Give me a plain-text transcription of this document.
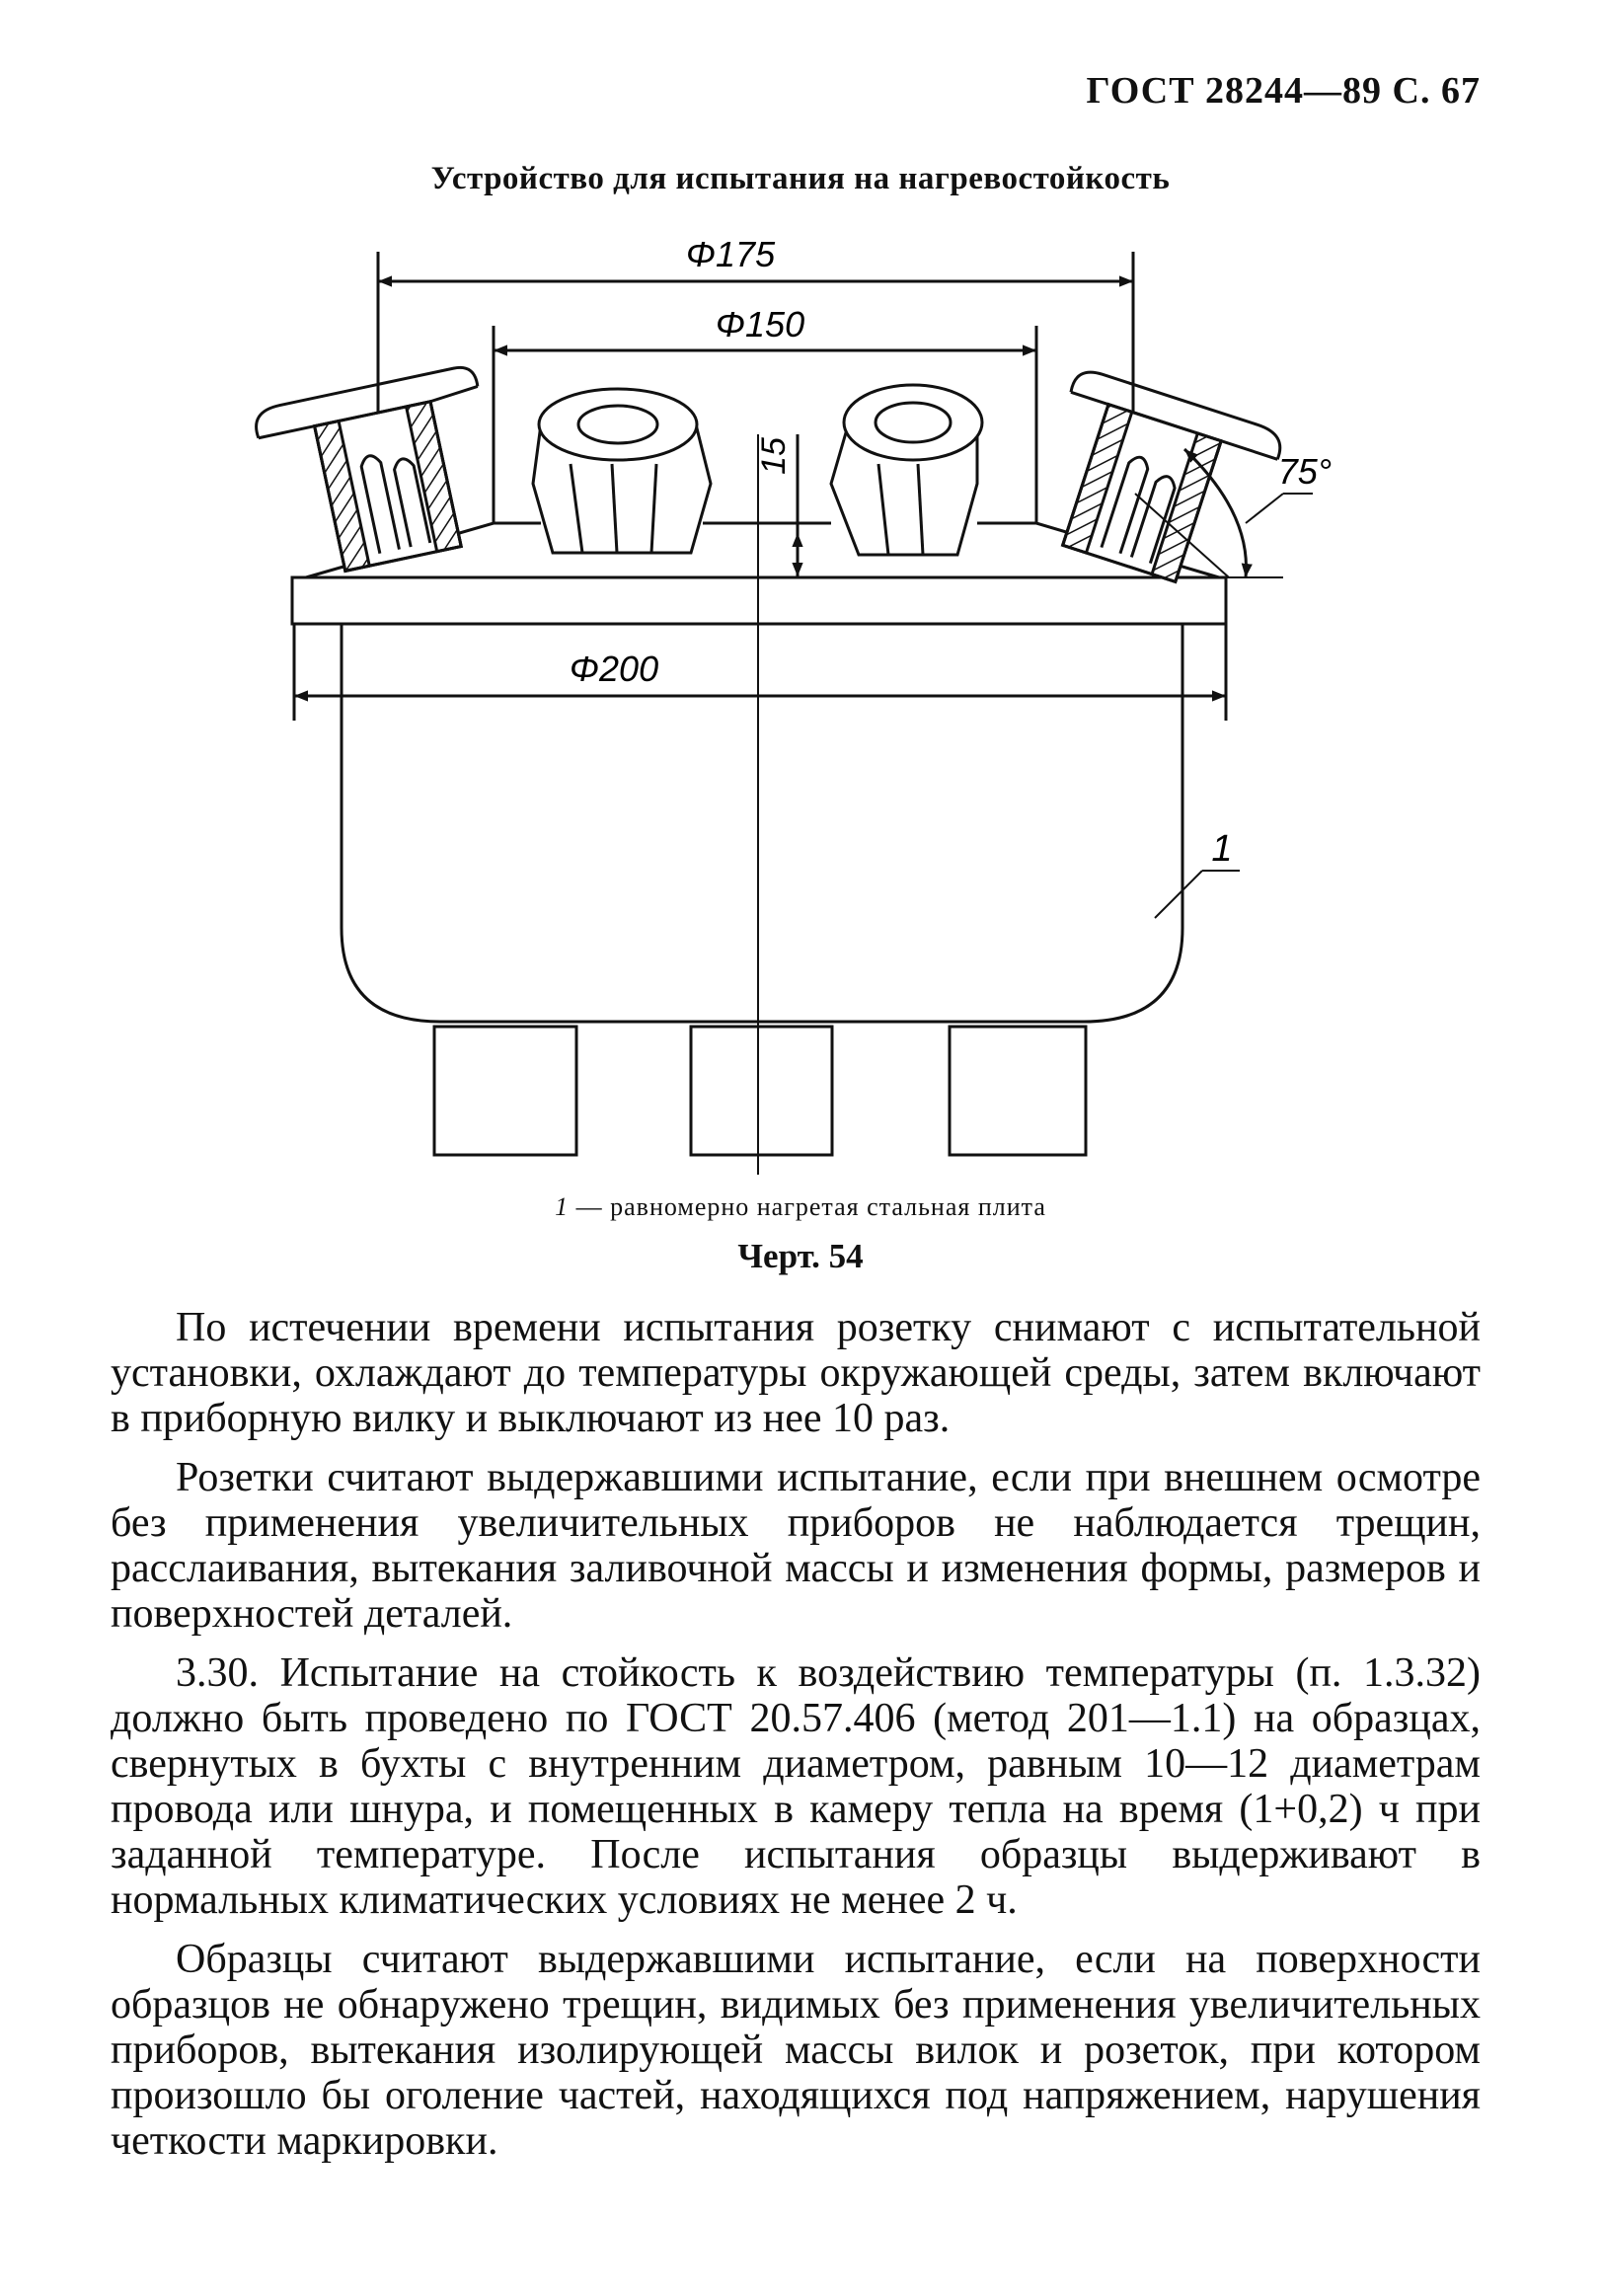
ГОСТ 28244—89 С. 67
Устройство для испытания на нагревостойкость
Φ175
Φ150
Φ200
15	75°
1
1 — равномерно нагретая стальная плита
Черт. 54

По истечении времени испытания розетку снимают с испытательной установки, охлаждают до температуры окружающей среды, затем включают в приборную вилку и выключают из нее 10 раз.

Розетки считают выдержавшими испытание, если при внешнем осмотре без применения увеличительных приборов не наблюдается трещин, расслаивания, вытекания заливочной массы и изменения формы, размеров и поверхностей деталей.

3.30. Испытание на стойкость к воздействию температуры (п. 1.3.32) должно быть проведено по ГОСТ 20.57.406 (метод 201—1.1) на образцах, свернутых в бухты с внутренним диаметром, равным 10—12 диаметрам провода или шнура, и помещенных в камеру тепла на время (1+0,2) ч при заданной температуре. После испытания образцы выдерживают в нормальных климатических условиях не менее 2 ч.

Образцы считают выдержавшими испытание, если на поверхности образцов не обнаружено трещин, видимых без применения увеличительных приборов, вытекания изолирующей массы вилок и розеток, при котором произошло бы оголение частей, находящихся под напряжением, нарушения четкости маркировки.
